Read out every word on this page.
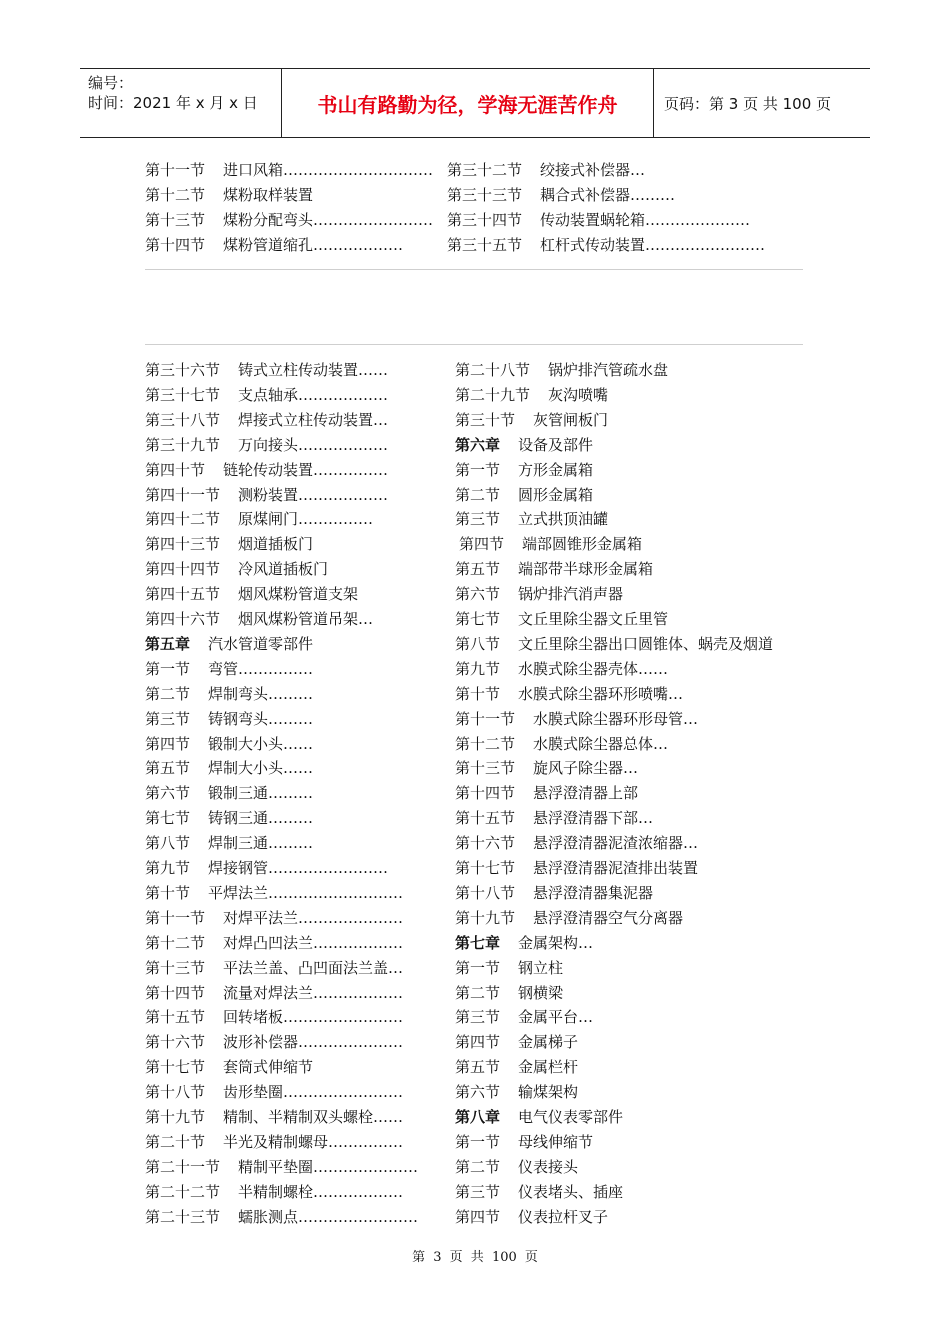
编号：
时间：2021 年 x 月 x 日	书山有路勤为径，学海无涯苦作舟	页码：第 3 页 共 100 页
第十一节 进口风箱…………………………
第十二节 煤粉取样装置
第十三节 煤粉分配弯头……………………
第十四节 煤粉管道缩孔………………
第三十二节 绞接式补偿器…
第三十三节 耦合式补偿器………
第三十四节 传动装置蜗轮箱…………………
第三十五节 杠杆式传动装置……………………
第三十六节 铸式立柱传动装置……
第三十七节 支点轴承………………
第三十八节 焊接式立柱传动装置…
第三十九节 万向接头………………
第四十节 链轮传动装置……………
第四十一节 测粉装置………………
第四十二节 原煤闸门……………
第四十三节 烟道插板门
第四十四节 冷风道插板门
第四十五节 烟风煤粉管道支架
第四十六节 烟风煤粉管道吊架…
第五章 汽水管道零部件
第一节 弯管……………
第二节 焊制弯头………
第三节 铸钢弯头………
第四节 锻制大小头……
第五节 焊制大小头……
第六节 锻制三通………
第七节 铸钢三通………
第八节 焊制三通………
第九节 焊接钢管……………………
第十节 平焊法兰………………………
第十一节 对焊平法兰…………………
第十二节 对焊凸凹法兰………………
第十三节 平法兰盖、凸凹面法兰盖…
第十四节 流量对焊法兰………………
第十五节 回转堵板……………………
第十六节 波形补偿器…………………
第十七节 套筒式伸缩节
第十八节 齿形垫圈……………………
第十九节 精制、半精制双头螺栓……
第二十节 半光及精制螺母……………
第二十一节 精制平垫圈…………………
第二十二节 半精制螺栓………………
第二十三节 蠕胀测点……………………
第二十八节 锅炉排汽管疏水盘
第二十九节 灰沟喷嘴
第三十节 灰管闸板门
第六章 设备及部件
第一节 方形金属箱
第二节 圆形金属箱
第三节 立式拱顶油罐
第四节 端部圆锥形金属箱
第五节 端部带半球形金属箱
第六节 锅炉排汽消声器
第七节 文丘里除尘器文丘里管
第八节 文丘里除尘器出口圆锥体、蜗壳及烟道
第九节 水膜式除尘器壳体……
第十节 水膜式除尘器环形喷嘴…
第十一节 水膜式除尘器环形母管…
第十二节 水膜式除尘器总体…
第十三节 旋风子除尘器…
第十四节 悬浮澄清器上部
第十五节 悬浮澄清器下部…
第十六节 悬浮澄清器泥渣浓缩器…
第十七节 悬浮澄清器泥渣排出装置
第十八节 悬浮澄清器集泥器
第十九节 悬浮澄清器空气分离器
第七章 金属架构…
第一节 钢立柱
第二节 钢横梁
第三节 金属平台…
第四节 金属梯子
第五节 金属栏杆
第六节 输煤架构
第八章 电气仪表零部件
第一节 母线伸缩节
第二节 仪表接头
第三节 仪表堵头、插座
第四节 仪表拉杆叉子
第 3 页 共 100 页
